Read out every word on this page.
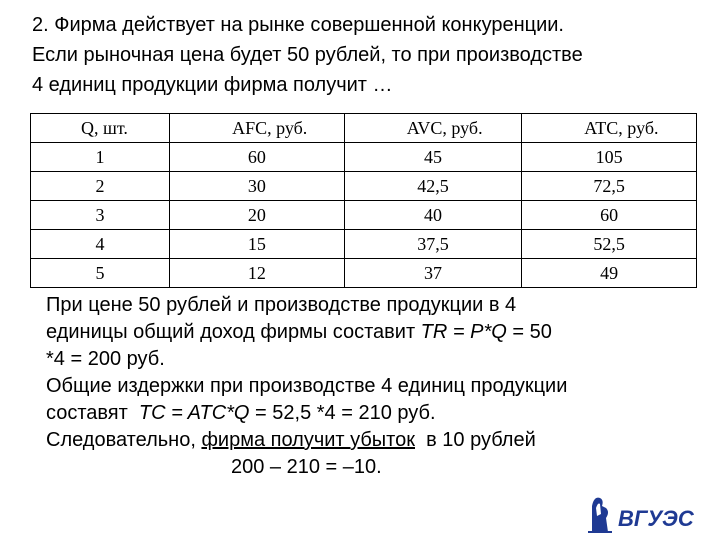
2. Фирма действует на рынке совершенной конкуренции.
Если рыночная цена будет 50 рублей, то при производстве
4 единиц продукции фирма получит …
Q, шт.	AFC, руб.	AVC, руб.	ATC, руб.
1	60	45	105
2	30	42,5	72,5
3	20	40	60
4	15	37,5	52,5
5	12	37	49
При цене 50 рублей и производстве продукции в 4
единицы общий доход фирмы составит TR = P*Q = 50
*4 = 200 руб.
Общие издержки при производстве 4 единиц продукции
составят  TC = ATC*Q = 52,5 *4 = 210 руб.
Следовательно, фирма получит убыток  в 10 рублей
200 – 210 = –10.
ВГУЭС
